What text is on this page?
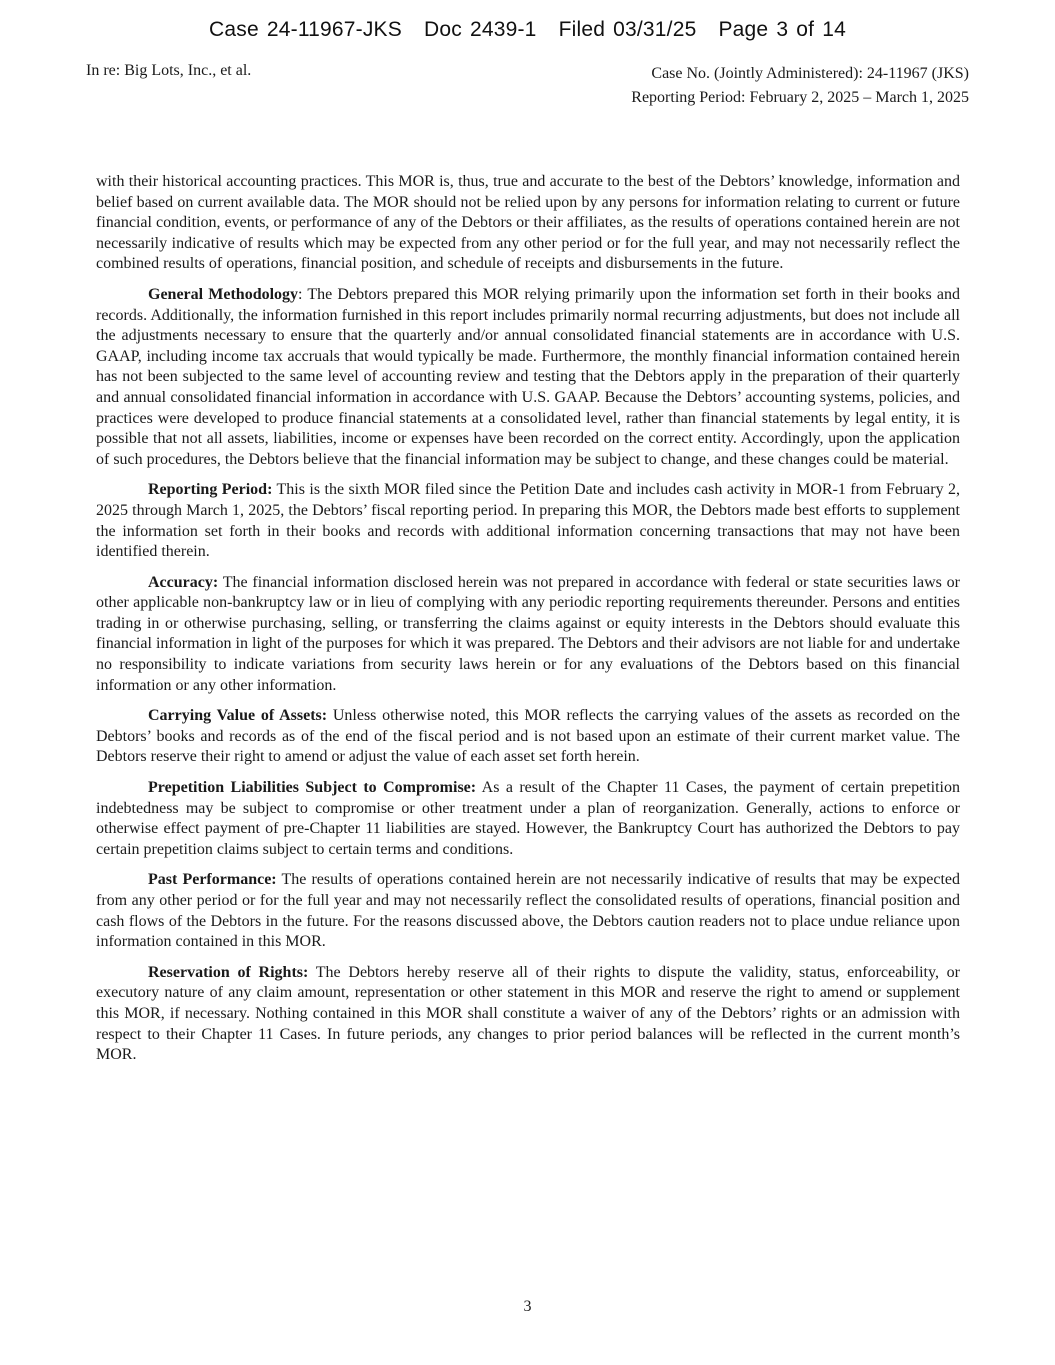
Case 24-11967-JKS Doc 2439-1 Filed 03/31/25 Page 3 of 14
In re: Big Lots, Inc., et al.	Case No. (Jointly Administered): 24-11967 (JKS)
Reporting Period: February 2, 2025 – March 1, 2025

with their historical accounting practices. This MOR is, thus, true and accurate to the best of the Debtors’ knowledge, information and belief based on current available data. The MOR should not be relied upon by any persons for information relating to current or future financial condition, events, or performance of any of the Debtors or their affiliates, as the results of operations contained herein are not necessarily indicative of results which may be expected from any other period or for the full year, and may not necessarily reflect the combined results of operations, financial position, and schedule of receipts and disbursements in the future.

General Methodology: The Debtors prepared this MOR relying primarily upon the information set forth in their books and records. Additionally, the information furnished in this report includes primarily normal recurring adjustments, but does not include all the adjustments necessary to ensure that the quarterly and/or annual consolidated financial statements are in accordance with U.S. GAAP, including income tax accruals that would typically be made. Furthermore, the monthly financial information contained herein has not been subjected to the same level of accounting review and testing that the Debtors apply in the preparation of their quarterly and annual consolidated financial information in accordance with U.S. GAAP. Because the Debtors’ accounting systems, policies, and practices were developed to produce financial statements at a consolidated level, rather than financial statements by legal entity, it is possible that not all assets, liabilities, income or expenses have been recorded on the correct entity. Accordingly, upon the application of such procedures, the Debtors believe that the financial information may be subject to change, and these changes could be material.

Reporting Period: This is the sixth MOR filed since the Petition Date and includes cash activity in MOR-1 from February 2, 2025 through March 1, 2025, the Debtors’ fiscal reporting period. In preparing this MOR, the Debtors made best efforts to supplement the information set forth in their books and records with additional information concerning transactions that may not have been identified therein.

Accuracy: The financial information disclosed herein was not prepared in accordance with federal or state securities laws or other applicable non-bankruptcy law or in lieu of complying with any periodic reporting requirements thereunder. Persons and entities trading in or otherwise purchasing, selling, or transferring the claims against or equity interests in the Debtors should evaluate this financial information in light of the purposes for which it was prepared. The Debtors and their advisors are not liable for and undertake no responsibility to indicate variations from security laws herein or for any evaluations of the Debtors based on this financial information or any other information.

Carrying Value of Assets: Unless otherwise noted, this MOR reflects the carrying values of the assets as recorded on the Debtors’ books and records as of the end of the fiscal period and is not based upon an estimate of their current market value. The Debtors reserve their right to amend or adjust the value of each asset set forth herein.

Prepetition Liabilities Subject to Compromise: As a result of the Chapter 11 Cases, the payment of certain prepetition indebtedness may be subject to compromise or other treatment under a plan of reorganization. Generally, actions to enforce or otherwise effect payment of pre-Chapter 11 liabilities are stayed. However, the Bankruptcy Court has authorized the Debtors to pay certain prepetition claims subject to certain terms and conditions.

Past Performance: The results of operations contained herein are not necessarily indicative of results that may be expected from any other period or for the full year and may not necessarily reflect the consolidated results of operations, financial position and cash flows of the Debtors in the future. For the reasons discussed above, the Debtors caution readers not to place undue reliance upon information contained in this MOR.

Reservation of Rights: The Debtors hereby reserve all of their rights to dispute the validity, status, enforceability, or executory nature of any claim amount, representation or other statement in this MOR and reserve the right to amend or supplement this MOR, if necessary. Nothing contained in this MOR shall constitute a waiver of any of the Debtors’ rights or an admission with respect to their Chapter 11 Cases. In future periods, any changes to prior period balances will be reflected in the current month’s MOR.

3
